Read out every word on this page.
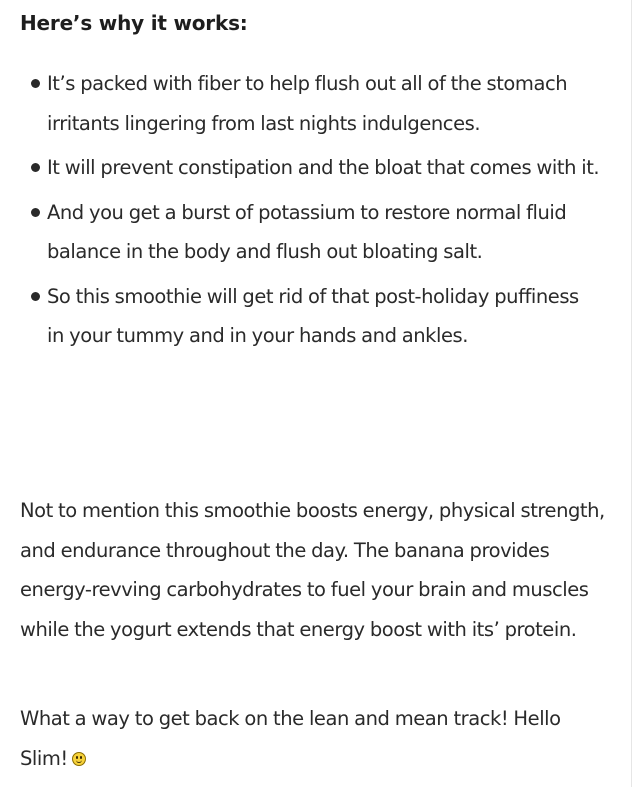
Here’s why it works:
It’s packed with fiber to help flush out all of the stomach irritants lingering from last nights indulgences.
It will prevent constipation and the bloat that comes with it.
And you get a burst of potassium to restore normal fluid balance in the body and flush out bloating salt.
So this smoothie will get rid of that post-holiday puffiness in your tummy and in your hands and ankles.

Not to mention this smoothie boosts energy, physical strength, and endurance throughout the day. The banana provides energy-revving carbohydrates to fuel your brain and muscles while the yogurt extends that energy boost with its’ protein.

What a way to get back on the lean and mean track! Hello Slim!
